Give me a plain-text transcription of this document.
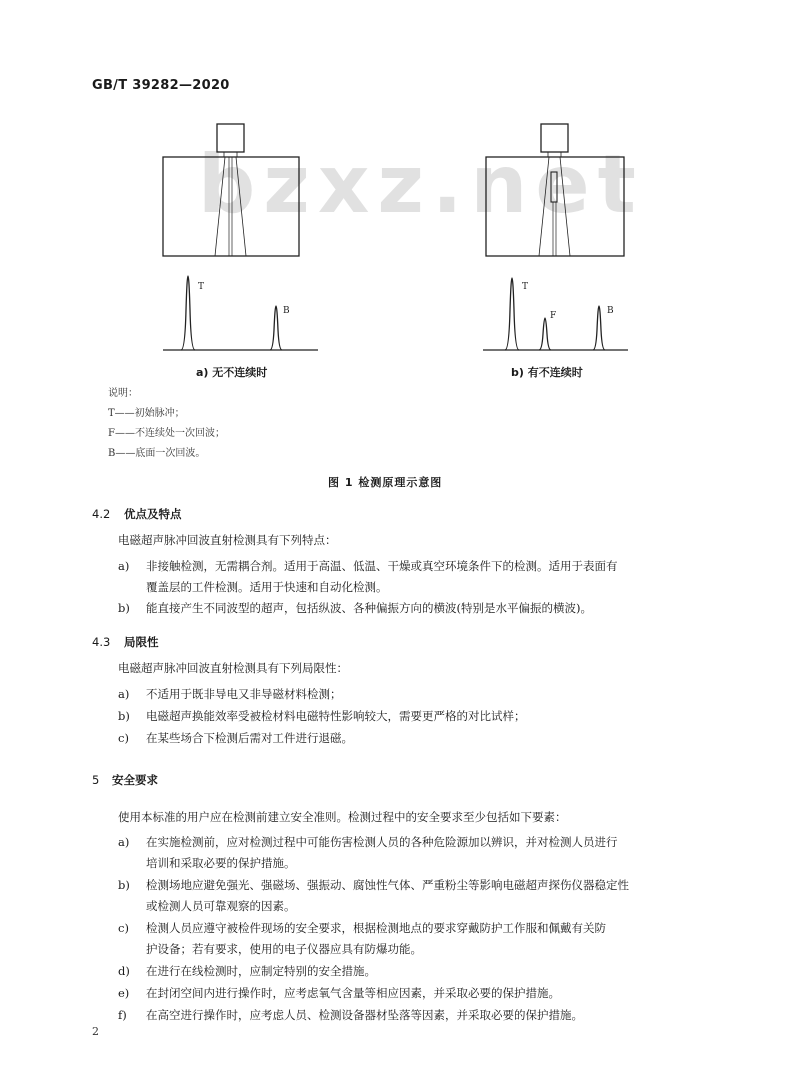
GB/T 39282—2020
bzxz.net
T
B
T
F	B
a) 无不连续时	b) 有不连续时
说明：
T——初始脉冲；
F——不连续处一次回波；
B——底面一次回波。
图 1 检测原理示意图
4.2 优点及特点
电磁超声脉冲回波直射检测具有下列特点：
a) 非接触检测，无需耦合剂。适用于高温、低温、干燥或真空环境条件下的检测。适用于表面有
覆盖层的工件检测。适用于快速和自动化检测。
b) 能直接产生不同波型的超声，包括纵波、各种偏振方向的横波(特别是水平偏振的横波)。
4.3 局限性
电磁超声脉冲回波直射检测具有下列局限性：
a) 不适用于既非导电又非导磁材料检测；
b) 电磁超声换能效率受被检材料电磁特性影响较大，需要更严格的对比试样；
c) 在某些场合下检测后需对工件进行退磁。
5 安全要求
使用本标准的用户应在检测前建立安全准则。检测过程中的安全要求至少包括如下要素：
a) 在实施检测前，应对检测过程中可能伤害检测人员的各种危险源加以辨识，并对检测人员进行
培训和采取必要的保护措施。
b) 检测场地应避免强光、强磁场、强振动、腐蚀性气体、严重粉尘等影响电磁超声探伤仪器稳定性
或检测人员可靠观察的因素。
c) 检测人员应遵守被检件现场的安全要求，根据检测地点的要求穿戴防护工作服和佩戴有关防
护设备；若有要求，使用的电子仪器应具有防爆功能。
d) 在进行在线检测时，应制定特别的安全措施。
e) 在封闭空间内进行操作时，应考虑氧气含量等相应因素，并采取必要的保护措施。
f) 在高空进行操作时，应考虑人员、检测设备器材坠落等因素，并采取必要的保护措施。
2
